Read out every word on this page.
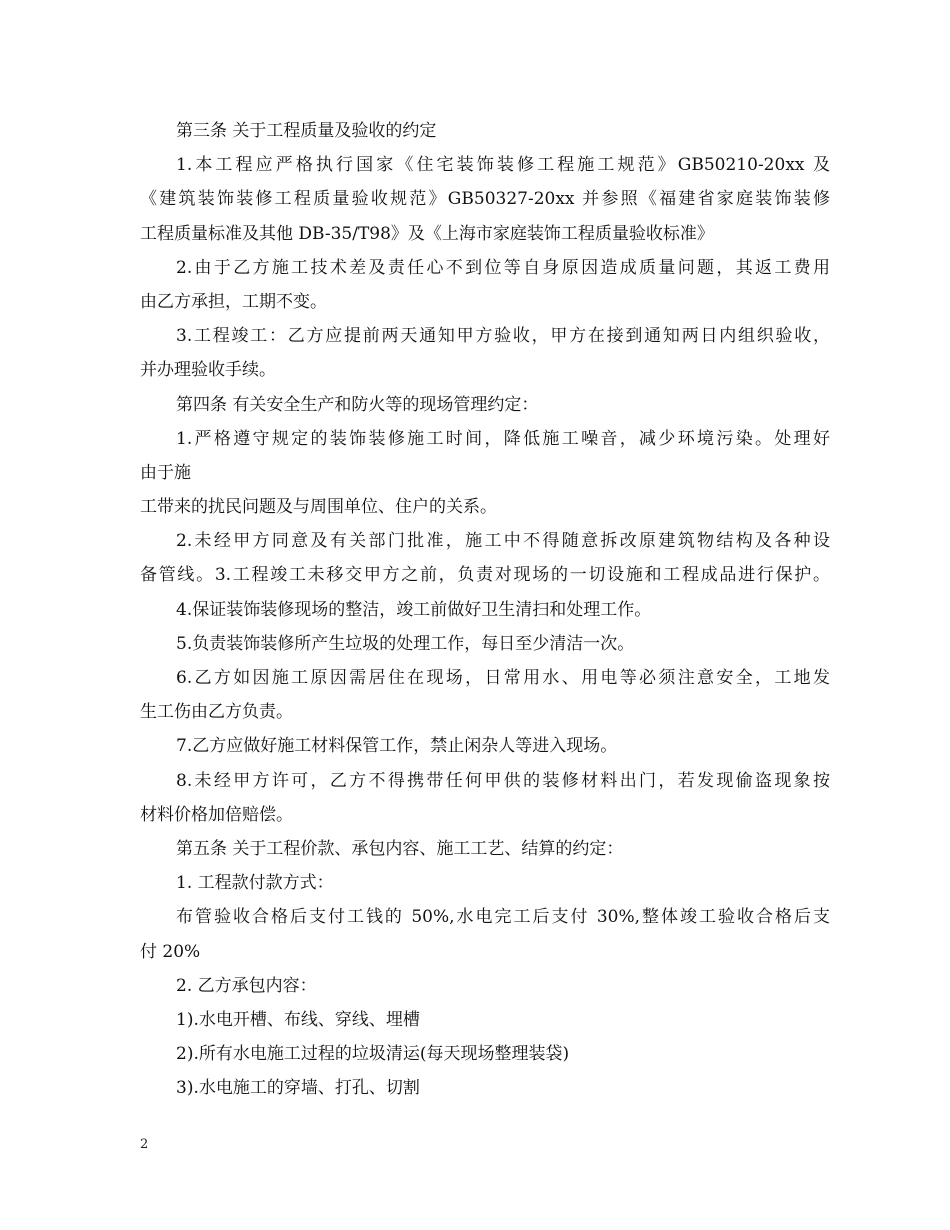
第三条 关于工程质量及验收的约定
1.本工程应严格执行国家《住宅装饰装修工程施工规范》GB50210-20xx 及
《建筑装饰装修工程质量验收规范》GB50327-20xx 并参照《福建省家庭装饰装修
工程质量标准及其他 DB-35/T98》及《上海市家庭装饰工程质量验收标准》
2.由于乙方施工技术差及责任心不到位等自身原因造成质量问题，其返工费用
由乙方承担，工期不变。
3.工程竣工：乙方应提前两天通知甲方验收，甲方在接到通知两日内组织验收，
并办理验收手续。
第四条 有关安全生产和防火等的现场管理约定：
1.严格遵守规定的装饰装修施工时间，降低施工噪音，减少环境污染。处理好
由于施
工带来的扰民问题及与周围单位、住户的关系。
2.未经甲方同意及有关部门批准，施工中不得随意拆改原建筑物结构及各种设
备管线。3.工程竣工未移交甲方之前，负责对现场的一切设施和工程成品进行保护。
4.保证装饰装修现场的整洁，竣工前做好卫生清扫和处理工作。
5.负责装饰装修所产生垃圾的处理工作，每日至少清洁一次。
6.乙方如因施工原因需居住在现场，日常用水、用电等必须注意安全，工地发
生工伤由乙方负责。
7.乙方应做好施工材料保管工作，禁止闲杂人等进入现场。
8.未经甲方许可，乙方不得携带任何甲供的装修材料出门，若发现偷盗现象按
材料价格加倍赔偿。
第五条 关于工程价款、承包内容、施工工艺、结算的约定：
1. 工程款付款方式：
布管验收合格后支付工钱的 50%,水电完工后支付 30%,整体竣工验收合格后支
付 20%
2. 乙方承包内容：
1).水电开槽、布线、穿线、埋槽
2).所有水电施工过程的垃圾清运(每天现场整理装袋)
3).水电施工的穿墙、打孔、切割
2
